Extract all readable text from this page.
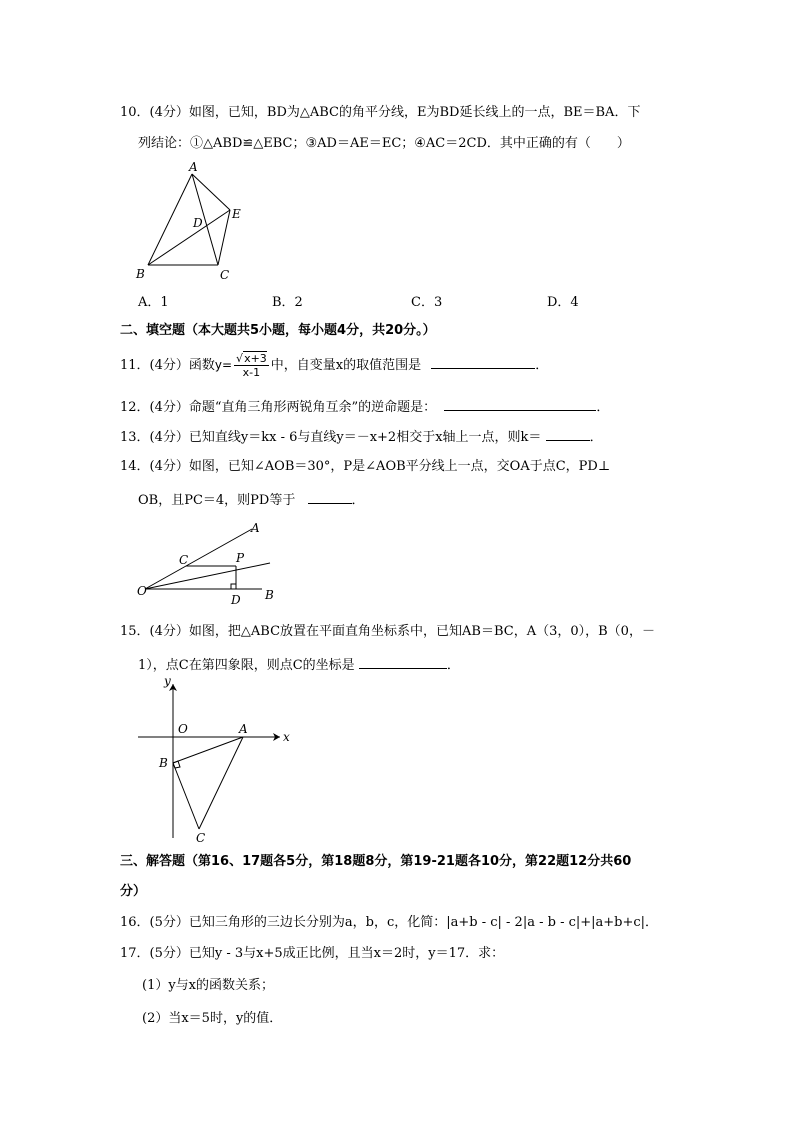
10．(4分）如图，已知，BD为△ABC的角平分线，E为BD延长线上的一点，BE＝BA．下
列结论：①△ABD≌△EBC；③AD＝AE＝EC；④AC＝2CD．其中正确的有（　　）
A
B	C
D
E
A．1	B．2	C．3	D．4
二、填空题（本大题共5小题，每小题4分，共20分。）
11．(4分）函数$y= \frac{√x+3}{x-1}$ 中，自变量x的取值范围是	．
12．(4分）命题“直角三角形两锐角互余”的逆命题是：	．
13．(4分）已知直线y＝kx - 6与直线y＝－x+2相交于x轴上一点，则k＝	．
14．(4分）如图，已知∠AOB＝30°，P是∠AOB平分线上一点，交OA于点C，PD⊥
OB，且PC＝4，则PD等于	．
A
C	P
O
D B
15．(4分）如图，把△ABC放置在平面直角坐标系中，已知AB＝BC，A（3，0），B（0，－
1），点C在第四象限，则点C的坐标是	．
y
O	A
x
B
C
三、解答题（第16、17题各5分，第18题8分，第19-21题各10分，第22题12分共60
分）
16．(5分）已知三角形的三边长分别为a，b，c，化简：|a+b - c| - 2|a - b - c|+|a+b+c|．
17．(5分）已知y - 3与x+5成正比例，且当x＝2时，y＝17．求：
(1）y与x的函数关系；
(2）当x＝5时，y的值．
